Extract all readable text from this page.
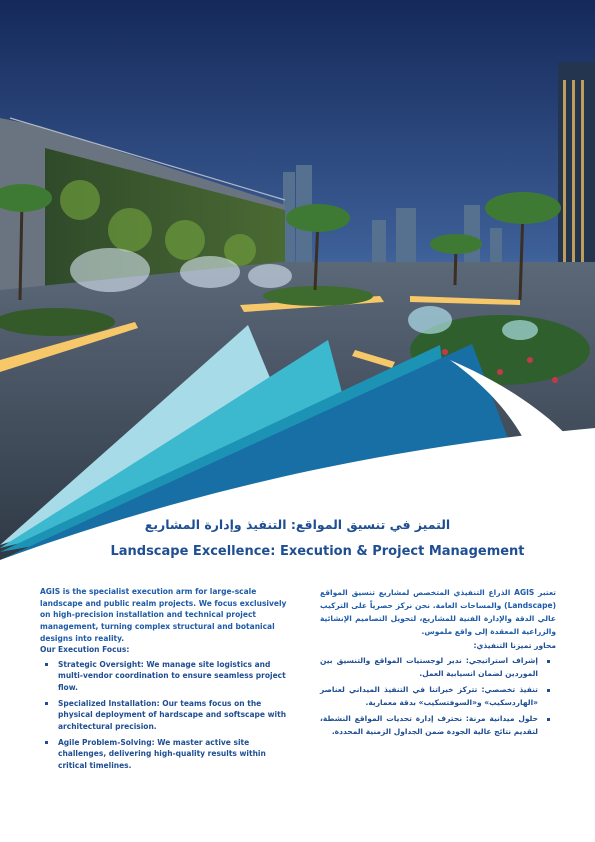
التميز في تنسيق المواقع: التنفيذ وإدارة المشاريع
Landscape Excellence: Execution & Project Management

AGIS is the specialist execution arm for large-scale landscape and public realm projects. We focus exclusively on high-precision installation and technical project management, turning complex structural and botanical designs into reality.

Our Execution Focus:

Strategic Oversight: We manage site logistics and multi-vendor coordination to ensure seamless project flow.
Specialized Installation: Our teams focus on the physical deployment of hardscape and softscape with architectural precision.
Agile Problem-Solving: We master active site challenges, delivering high-quality results within critical timelines.

تعتبر AGIS الذراع التنفيذي المتخصص لمشاريع تنسيق المواقع (Landscape) والمساحات العامة. نحن نركز حصرياً على التركيب عالي الدقة والإدارة الفنية للمشاريع، لتحويل التصاميم الإنشائية والزراعية المعقدة إلى واقع ملموس.

محاور تميزنا التنفيذي:

إشراف استراتيجي: ندير لوجستيات المواقع والتنسيق بين الموردين لضمان انسيابية العمل.
تنفيذ تخصصي: تتركز خبراتنا في التنفيذ الميداني لعناصر «الهاردسكيب» و«السوفتسكيب» بدقة معمارية.
حلول ميدانية مرنة: نحترف إدارة تحديات المواقع النشطة، لتقديم نتائج عالية الجودة ضمن الجداول الزمنية المحددة.
